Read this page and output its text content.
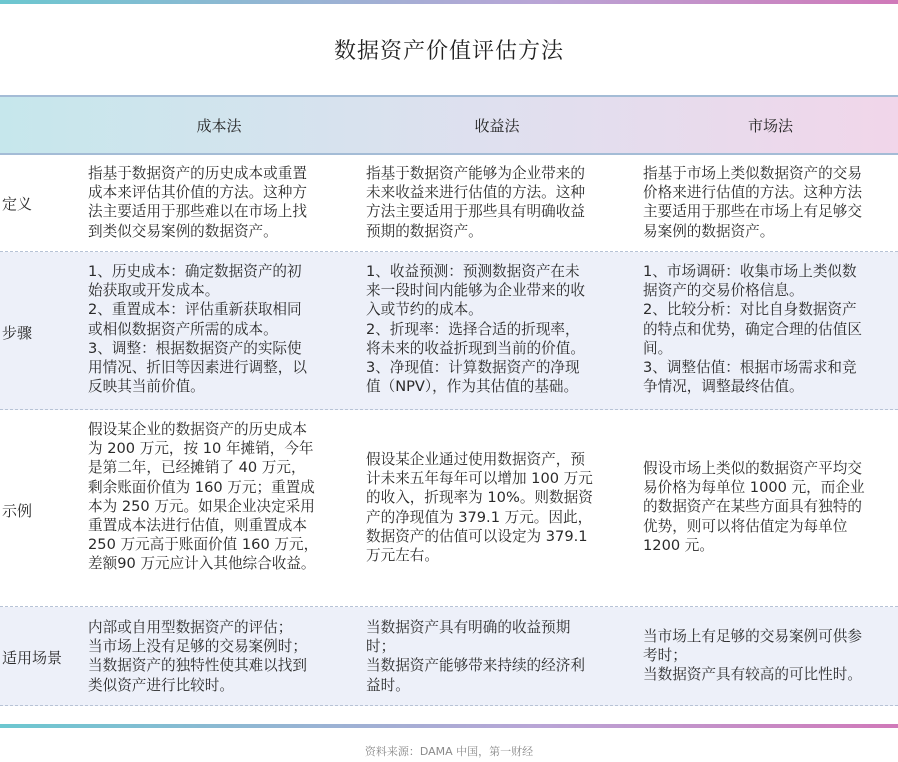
数据资产价值评估方法
成本法	收益法	市场法
定义
指基于数据资产的历史成本或重置
成本来评估其价值的方法。这种方
法主要适用于那些难以在市场上找
到类似交易案例的数据资产。
指基于数据资产能够为企业带来的
未来收益来进行估值的方法。这种
方法主要适用于那些具有明确收益
预期的数据资产。
指基于市场上类似数据资产的交易
价格来进行估值的方法。这种方法
主要适用于那些在市场上有足够交
易案例的数据资产。
步骤
1、历史成本：确定数据资产的初
始获取或开发成本。
2、重置成本：评估重新获取相同
或相似数据资产所需的成本。
3、调整：根据数据资产的实际使
用情况、折旧等因素进行调整，以
反映其当前价值。
1、收益预测：预测数据资产在未
来一段时间内能够为企业带来的收
入或节约的成本。
2、折现率：选择合适的折现率，
将未来的收益折现到当前的价值。
3、净现值：计算数据资产的净现
值（NPV），作为其估值的基础。
1、市场调研：收集市场上类似数
据资产的交易价格信息。
2、比较分析：对比自身数据资产
的特点和优势，确定合理的估值区
间。
3、调整估值：根据市场需求和竞
争情况，调整最终估值。
示例
假设某企业的数据资产的历史成本
为 200 万元，按 10 年摊销，今年
是第二年，已经摊销了 40 万元，
剩余账面价值为 160 万元；重置成
本为 250 万元。如果企业决定采用
重置成本法进行估值，则重置成本
250 万元高于账面价值 160 万元，
差额90 万元应计入其他综合收益。
假设某企业通过使用数据资产，预
计未来五年每年可以增加 100 万元
的收入，折现率为 10%。则数据资
产的净现值为 379.1 万元。因此，
数据资产的估值可以设定为 379.1
万元左右。
假设市场上类似的数据资产平均交
易价格为每单位 1000 元，而企业
的数据资产在某些方面具有独特的
优势，则可以将估值定为每单位
1200 元。
适用场景
内部或自用型数据资产的评估；
当市场上没有足够的交易案例时；
当数据资产的独特性使其难以找到
类似资产进行比较时。
当数据资产具有明确的收益预期
时；
当数据资产能够带来持续的经济利
益时。
当市场上有足够的交易案例可供参
考时；
当数据资产具有较高的可比性时。
资料来源：DAMA 中国，第一财经
